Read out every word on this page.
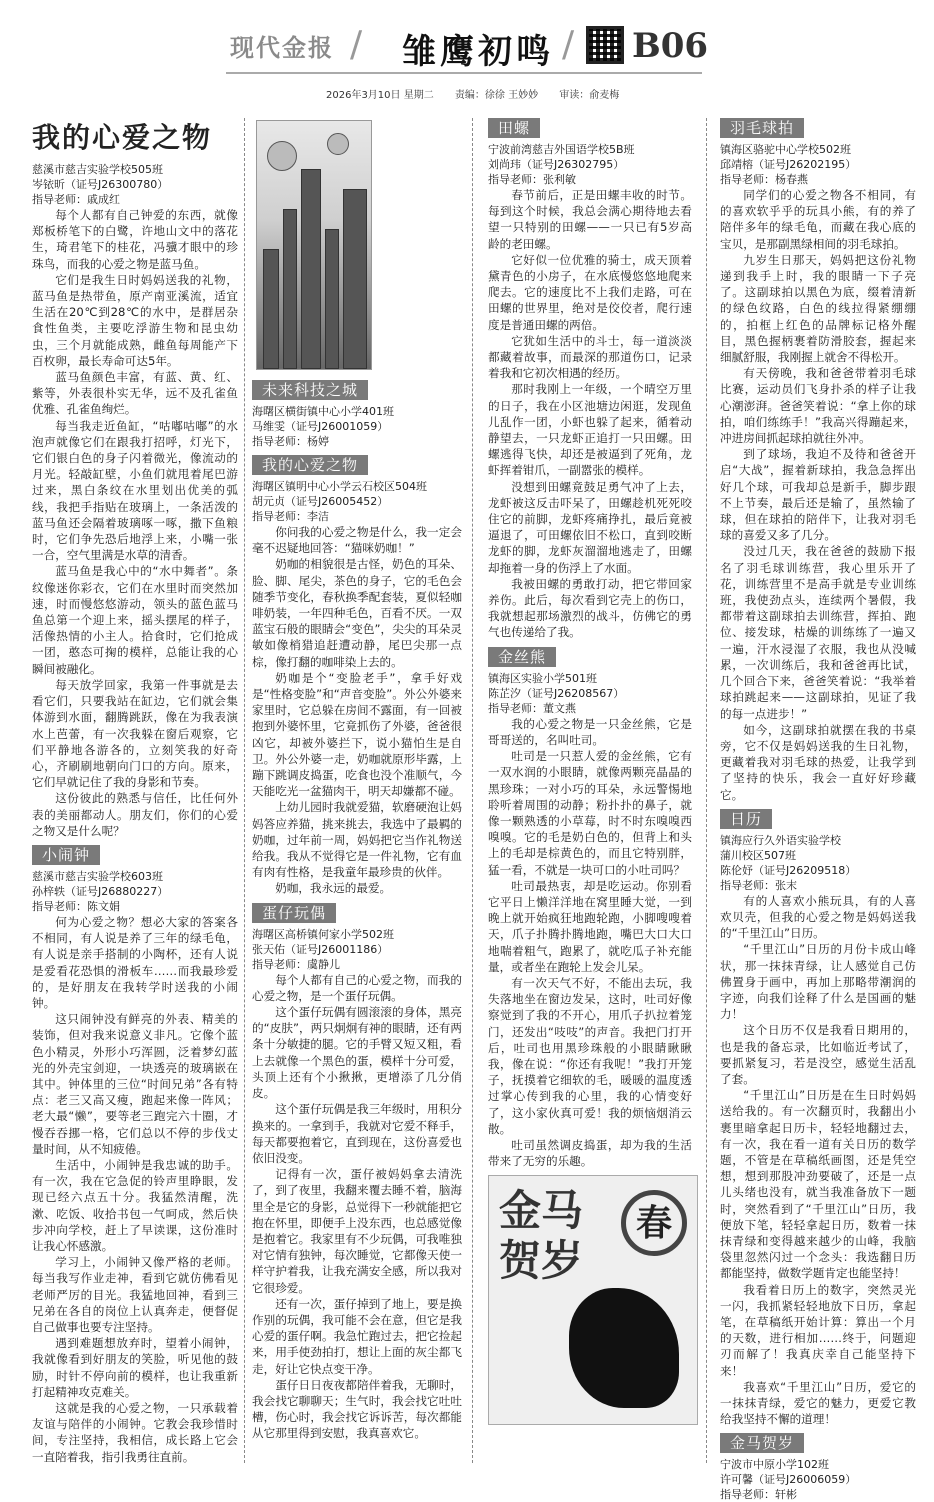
现代金报 / 雏鹰初鸣 / B06
2026年3月10日 星期二 责编：徐徐 王妙妙 审读：俞麦梅
我的心爱之物
慈溪市慈吉实验学校505班
岑铱昕（证号J26300780）
指导老师：戚成红

每个人都有自己钟爱的东西，就像郑板桥笔下的白鹭，许地山文中的落花生，琦君笔下的桂花，冯骥才眼中的珍珠鸟，而我的心爱之物是蓝马鱼。

它们是我生日时妈妈送我的礼物，蓝马鱼是热带鱼，原产南亚溪流，适宜生活在20℃到28℃的水中，是群居杂食性鱼类，主要吃浮游生物和昆虫幼虫，三个月就能成熟，雌鱼每周能产下百枚卵，最长寿命可达5年。

蓝马鱼颜色丰富，有蓝、黄、红、紫等，外表很朴实无华，远不及孔雀鱼优雅、孔雀鱼绚烂。

每当我走近鱼缸，“咕嘟咕嘟”的水泡声就像它们在跟我打招呼，灯光下，它们银白色的身子闪着微光，像流动的月光。轻敲缸壁，小鱼们就甩着尾巴游过来，黑白条纹在水里划出优美的弧线，我把手指贴在玻璃上，一条活泼的蓝马鱼还会隔着玻璃啄一啄，撒下鱼粮时，它们争先恐后地浮上来，小嘴一张一合，空气里满是水草的清香。

蓝马鱼是我心中的“水中舞者”。条纹像迷你彩衣，它们在水里时而突然加速，时而慢悠悠游动，领头的蓝色蓝马鱼总第一个迎上来，摇头摆尾的样子，活像热情的小主人。拾食时，它们抢成一团，憨态可掬的模样，总能让我的心瞬间被融化。

每天放学回家，我第一件事就是去看它们，只要我站在缸边，它们就会集体游到水面，翻腾跳跃，像在为我表演水上芭蕾，有一次我躲在窗后观察，它们平静地各游各的，立刻笑我的好奇心，齐刷刷地朝向门口的方向。原来，它们早就记住了我的身影和节奏。

这份彼此的熟悉与信任，比任何外表的美丽都动人。朋友们，你们的心爱之物又是什么呢？

小闹钟
慈溪市慈吉实验学校603班
孙梓轶（证号J26880227）
指导老师：陈文娟

何为心爱之物？想必大家的答案各不相同，有人说是养了三年的绿毛龟，有人说是亲手搭制的小陶杯，还有人说是爱看花恐惧的滑板车……而我最珍爱的，是好朋友在我转学时送我的小闹钟。

这只闹钟没有鲜亮的外表、精美的装饰，但对我来说意义非凡。它像个蓝色小精灵，外形小巧浑圆，泛着梦幻蓝光的外壳宝剑迎，一块透亮的玻璃嵌在其中。钟体里的三位“时间兄弟”各有特点：老三又高又瘦，跑起来像一阵风；老大最“懒”，要等老三跑完六十圈，才慢吞吞挪一格，它们总以不停的步伐丈量时间，从不知疲倦。

生活中，小闹钟是我忠诚的助手。有一次，我在它急促的铃声里睁眼，发现已经六点五十分。我猛然清醒，洗漱、吃饭、收拾书包一气呵成，然后快步冲向学校，赶上了早读课，这份准时让我心怀感激。

学习上，小闹钟又像严格的老师。每当我写作业走神，看到它就仿佛看见老师严厉的目光。我猛地回神，看到三兄弟在各自的岗位上认真奔走，便督促自己做事也要专注坚持。

遇到难题想放弃时，望着小闹钟，我就像看到好朋友的笑脸，听见他的鼓励，时针不停向前的模样，也让我重新打起精神攻克难关。

这就是我的心爱之物，一只承载着友谊与陪伴的小闹钟。它教会我珍惜时间，专注坚持，我相信，成长路上它会一直陪着我，指引我勇往直前。

未来科技之城
海曙区横街镇中心小学401班
马维雯（证号J26001059）
指导老师：杨婷
我的心爱之物
海曙区镇明中心小学云石校区504班
胡元贞（证号J26005452）
指导老师：李洁

你问我的心爱之物是什么，我一定会毫不迟疑地回答：“猫咪奶咖！”

奶咖的相貌很是古怪，奶色的耳朵、脸、脚、尾尖，茶色的身子，它的毛色会随季节变化，春秋换季配套装，夏似轻咖啡奶装，一年四种毛色，百看不厌。一双蓝宝石般的眼睛会“变色”，尖尖的耳朵灵敏如像梢猎追赶遭动静，尾巴尖那一点棕，像打翻的咖啡染上去的。

奶咖是个“变脸老手”，拿手好戏是“性格变脸”和“声音变脸”。外公外婆来家里时，它总躲在房间不露面，有一回被抱到外婆怀里，它竟抓伤了外婆，爸爸很凶它，却被外婆拦下，说小猫怕生是自卫。外公外婆一走，奶咖就原形毕露，上蹦下跳调皮捣蛋，吃食也没个准顺气，今天能吃光一盆猫肉干，明天却嫌都不碰。

上幼儿园时我就爱猫，软磨硬泡让妈妈答应养猫，挑来挑去，我选中了最羁的奶咖，过年前一周，妈妈把它当作礼物送给我。我从不觉得它是一件礼物，它有血有肉有性格，是我童年最珍贵的伙伴。

奶咖，我永远的最爱。

蛋仔玩偶
海曙区高桥镇何家小学502班
张天佑（证号J26001186）
指导老师：虞静儿

每个人都有自己的心爱之物，而我的心爱之物，是一个蛋仔玩偶。

这个蛋仔玩偶有圆滚滚的身体，黑亮的“皮肤”，两只炯炯有神的眼睛，还有两条十分敏捷的腿。它的手臂又短又粗，看上去就像一个黑色的蛋，模样十分可爱，头顶上还有个小揪揪，更增添了几分俏皮。

这个蛋仔玩偶是我三年级时，用积分换来的。一拿到手，我就对它爱不释手，每天都要抱着它，直到现在，这份喜爱也依旧没变。

记得有一次，蛋仔被妈妈拿去清洗了，到了夜里，我翻来覆去睡不着，脑海里全是它的身影，总觉得下一秒就能把它抱在怀里，即便手上没东西，也总感觉像是抱着它。我家里有不少玩偶，可我唯独对它情有独钟，每次睡觉，它都像天使一样守护着我，让我充满安全感，所以我对它很珍爱。

还有一次，蛋仔掉到了地上，要是换作别的玩偶，我可能不会在意，但它是我心爱的蛋仔啊。我急忙跑过去，把它捡起来，用手使劲拍打，想让上面的灰尘都飞走，好让它快点变干净。

蛋仔日日夜夜都陪伴着我，无聊时，我会找它聊聊天；生气时，我会找它吐吐槽，伤心时，我会找它诉诉苦，每次都能从它那里得到安慰，我真喜欢它。

田螺
宁波前湾慈吉外国语学校5B班
刘尚玮（证号J26302795）
指导老师：张利敏

春节前后，正是田螺丰收的时节。每到这个时候，我总会满心期待地去看望一只特别的田螺——一只已有5岁高龄的老田螺。

它好似一位优雅的骑士，成天顶着黛青色的小房子，在水底慢悠悠地爬来爬去。它的速度比不上我们走路，可在田螺的世界里，绝对是佼佼者，爬行速度是普通田螺的两倍。

它犹如生活中的斗士，每一道淡淡都藏着故事，而最深的那道伤口，记录着我和它初次相遇的经历。

那时我刚上一年级，一个晴空万里的日子，我在小区池塘边闲逛，发现鱼儿乱作一团，小虾也躲了起来，循着动静望去，一只龙虾正追打一只田螺。田螺逃得飞快，却还是被逼到了死角，龙虾挥着钳爪，一副嚣张的模样。

没想到田螺竟鼓足勇气冲了上去，龙虾被这反击吓呆了，田螺趁机死死咬住它的前脚，龙虾疼痛挣扎，最后竟被逼退了，可田螺依旧不松口，直到咬断龙虾的脚，龙虾灰溜溜地逃走了，田螺却拖着一身的伤浮上了水面。

我被田螺的勇敢打动，把它带回家养伤。此后，每次看到它壳上的伤口，我就想起那场激烈的战斗，仿佛它的勇气也传递给了我。

金丝熊
镇海区实验小学501班
陈芷汐（证号J26208567）
指导老师：董文燕

我的心爱之物是一只金丝熊，它是哥哥送的，名叫吐司。

吐司是一只惹人爱的金丝熊，它有一双水润的小眼睛，就像两颗亮晶晶的黑珍珠；一对小巧的耳朵，永远警惕地聆听着周围的动静；粉扑扑的鼻子，就像一颗熟透的小草莓，时不时东嗅嗅西嗅嗅。它的毛是奶白色的，但背上和头上的毛却是棕黄色的，而且它特别胖，猛一看，不就是一块可口的小吐司吗？

吐司最热衷，却是吃运动。你别看它平日上懒洋洋地在窝里睡大觉，一到晚上就开始疯狂地跑轮跑，小脚嗖嗖着天，爪子扑腾扑腾地跑，嘴巴大口大口地喘着粗气，跑累了，就吃瓜子补充能量，或者坐在跑轮上发会儿呆。

有一次天气不好，不能出去玩，我失落地坐在窗边发呆，这时，吐司好像察觉到了我的不开心，用爪子扒拉着笼门，还发出“吱吱”的声音。我把门打开后，吐司也用黑珍珠般的小眼睛瞅瞅我，像在说：“你还有我呢！”我打开笼子，抚摸着它细软的毛，暖暖的温度透过掌心传到我的心里，我的心情变好了，这小家伙真可爱！我的烦恼烟消云散。

吐司虽然调皮捣蛋，却为我的生活带来了无穷的乐趣。

金马贺岁
春
羽毛球拍
镇海区骆驼中心学校502班
邱靖榕（证号J26202195）
指导老师：杨春燕

同学们的心爱之物各不相同，有的喜欢软乎乎的玩具小熊，有的养了陪伴多年的绿毛龟，而藏在我心底的宝贝，是那副黑绿相间的羽毛球拍。

九岁生日那天，妈妈把这份礼物递到我手上时，我的眼睛一下子亮了。这副球拍以黑色为底，缀着清新的绿色纹路，白色的线拉得紧绷绷的，拍框上红色的品牌标记格外醒目，黑色握柄裹着防滑胶套，握起来细腻舒服，我刚握上就舍不得松开。

有天傍晚，我和爸爸带着羽毛球比赛，运动员们飞身扑杀的样子让我心潮澎湃。爸爸笑着说：“拿上你的球拍，咱们练练手！”我高兴得蹦起来，冲进房间抓起球拍就往外冲。

到了球场，我迫不及待和爸爸开启“大战”，握着新球拍，我急急挥出好几个球，可我却总是新手，脚步跟不上节奏，最后还是输了，虽然输了球，但在球拍的陪伴下，让我对羽毛球的喜爱又多了几分。

没过几天，我在爸爸的鼓励下报名了羽毛球训练营，我心里乐开了花，训练营里不是高手就是专业训练班，我使劲点头，连续两个暑假，我都带着这副球拍去训练营，挥拍、跑位、接发球，枯燥的训练练了一遍又一遍，汗水浸湿了衣服，我也从没喊累，一次训练后，我和爸爸再比试，几个回合下来，爸爸笑着说：“我举着球拍跳起来——这副球拍，见证了我的每一点进步！”

如今，这副球拍就摆在我的书桌旁，它不仅是妈妈送我的生日礼物，更藏着我对羽毛球的热爱，让我学到了坚持的快乐，我会一直好好珍藏它。

日历
镇海应行久外语实验学校
蒲川校区507班
陈伦妤（证号J26209518）
指导老师：张末

有的人喜欢小熊玩具，有的人喜欢贝壳，但我的心爱之物是妈妈送我的“千里江山”日历。

“千里江山”日历的月份卡成山峰状，那一抹抹青绿，让人感觉自己仿佛置身于画中，再加上那略带潮润的字迹，向我们诠释了什么是国画的魅力！

这个日历不仅是我看日期用的，也是我的备忘录，比如临近考试了，要抓紧复习，若是没空，感觉生活乱了套。

“千里江山”日历是在生日时妈妈送给我的。有一次翻页时，我翻出小裹里暗拿起日历卡，轻轻地翻过去，有一次，我在看一道有关日历的数学题，不管是在草稿纸画图，还是凭空想，想到那股冲劲要破了，还是一点儿头绪也没有，就当我准备放下一题时，突然看到了“千里江山”日历，我便放下笔，轻轻拿起日历，数着一抹抹青绿和变得越来越少的山峰，我脑袋里忽然闪过一个念头：我选翻日历都能坚持，做数学题肯定也能坚持！

我看着日历上的数字，突然灵光一闪，我抓紧轻轻地放下日历，拿起笔，在草稿纸开始计算：算出一个月的天数，进行相加……终于，问题迎刃而解了！我真庆幸自己能坚持下来！

我喜欢“千里江山”日历，爱它的一抹抹青绿，爱它的魅力，更爱它教给我坚持不懈的道理！

金马贺岁
宁波市中原小学102班
许可馨（证号J26006059）
指导老师：轩彬
